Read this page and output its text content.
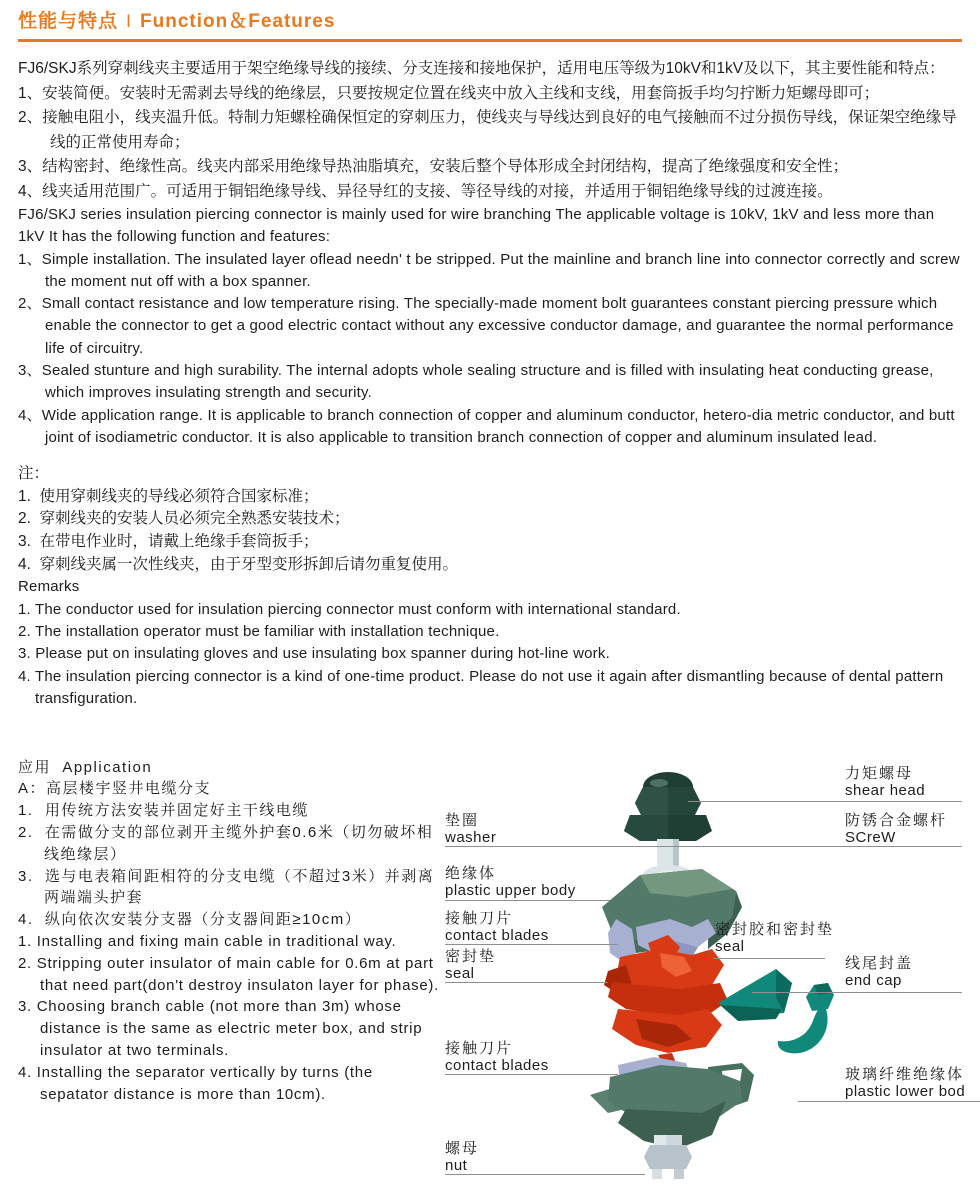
性能与特点 Ⅰ Function＆Features
FJ6/SKJ系列穿刺线夹主要适用于架空绝缘导线的接续、分支连接和接地保护，适用电压等级为10kV和1kV及以下，其主要性能和特点：
1、安装简便。安装时无需剥去导线的绝缘层，只要按规定位置在线夹中放入主线和支线，用套筒扳手均匀拧断力矩螺母即可；
2、接触电阻小，线夹温升低。特制力矩螺栓确保恒定的穿刺压力，使线夹与导线达到良好的电气接触而不过分损伤导线，保证架空绝缘导线的正常使用寿命；
3、结构密封、绝缘性高。线夹内部采用绝缘导热油脂填充，安装后整个导体形成全封闭结构，提高了绝缘强度和安全性；
4、线夹适用范围广。可适用于铜铝绝缘导线、异径导红的支接、等径导线的对接，并适用于铜铝绝缘导线的过渡连接。
FJ6/SKJ series insulation piercing connector is mainly used for wire branching The applicable voltage is 10kV, 1kV and less more than 1kV It has the following function and features:
1、Simple installation. The insulated layer oflead needn' t be stripped. Put the mainline and branch line into connector correctly and screw  the moment nut off with a box spanner.
2、Small contact resistance and low temperature rising. The specially-made moment bolt guarantees constant piercing pressure which enable the connector to get a good electric contact without any excessive conductor damage, and guarantee the normal performance life of circuitry.
3、Sealed stunture and high surability. The internal adopts whole sealing structure and is filled with insulating heat conducting grease, which improves insulating strength and security.
4、Wide application range. It is applicable to branch connection of copper and aluminum conductor, hetero-dia metric conductor, and butt joint of isodiametric conductor. It is also applicable to transition branch connection of copper and aluminum insulated lead.
注：
1.  使用穿刺线夹的导线必须符合国家标准；
2.  穿刺线夹的安装人员必须完全熟悉安装技术；
3.  在带电作业时，请戴上绝缘手套筒扳手；
4.  穿刺线夹属一次性线夹，由于牙型变形拆卸后请勿重复使用。
Remarks
1. The conductor used for insulation piercing connector must conform with international standard.
2. The installation operator must be familiar with installation technique.
3. Please put on insulating gloves and use insulating box spanner during hot-line work.
4. The insulation piercing connector is a kind of one-time product. Please do not use it again after dismantling because of dental pattern transfiguration.
应用  Application
A：高层楼宇竖井电缆分支
1.  用传统方法安装并固定好主干线电缆
2.  在需做分支的部位剥开主缆外护套0.6米（切勿破坏相线绝缘层）
3.  选与电表箱间距相符的分支电缆（不超过3米）并剥离两端端头护套
4.  纵向依次安装分支器（分支器间距≥10cm）
1. Installing and fixing main cable in traditional way.
2. Stripping outer insulator of main cable for 0.6m at part that need part(don't destroy insulaton layer for phase).
3. Choosing branch cable (not more than 3m) whose distance is the same as electric meter box, and strip insulator at two terminals.
4. Installing the separator vertically by turns (the sepatator distance is more than 10cm).
垫圈
washer
绝缘体
plastic upper body
接触刀片
contact blades
密封垫
seal
接触刀片
contact blades
螺母
nut
力矩螺母
shear head
防锈合金螺杆
SCreW
密封胶和密封垫
seal
线尾封盖
end cap
玻璃纤维绝缘体
plastic lower bod
